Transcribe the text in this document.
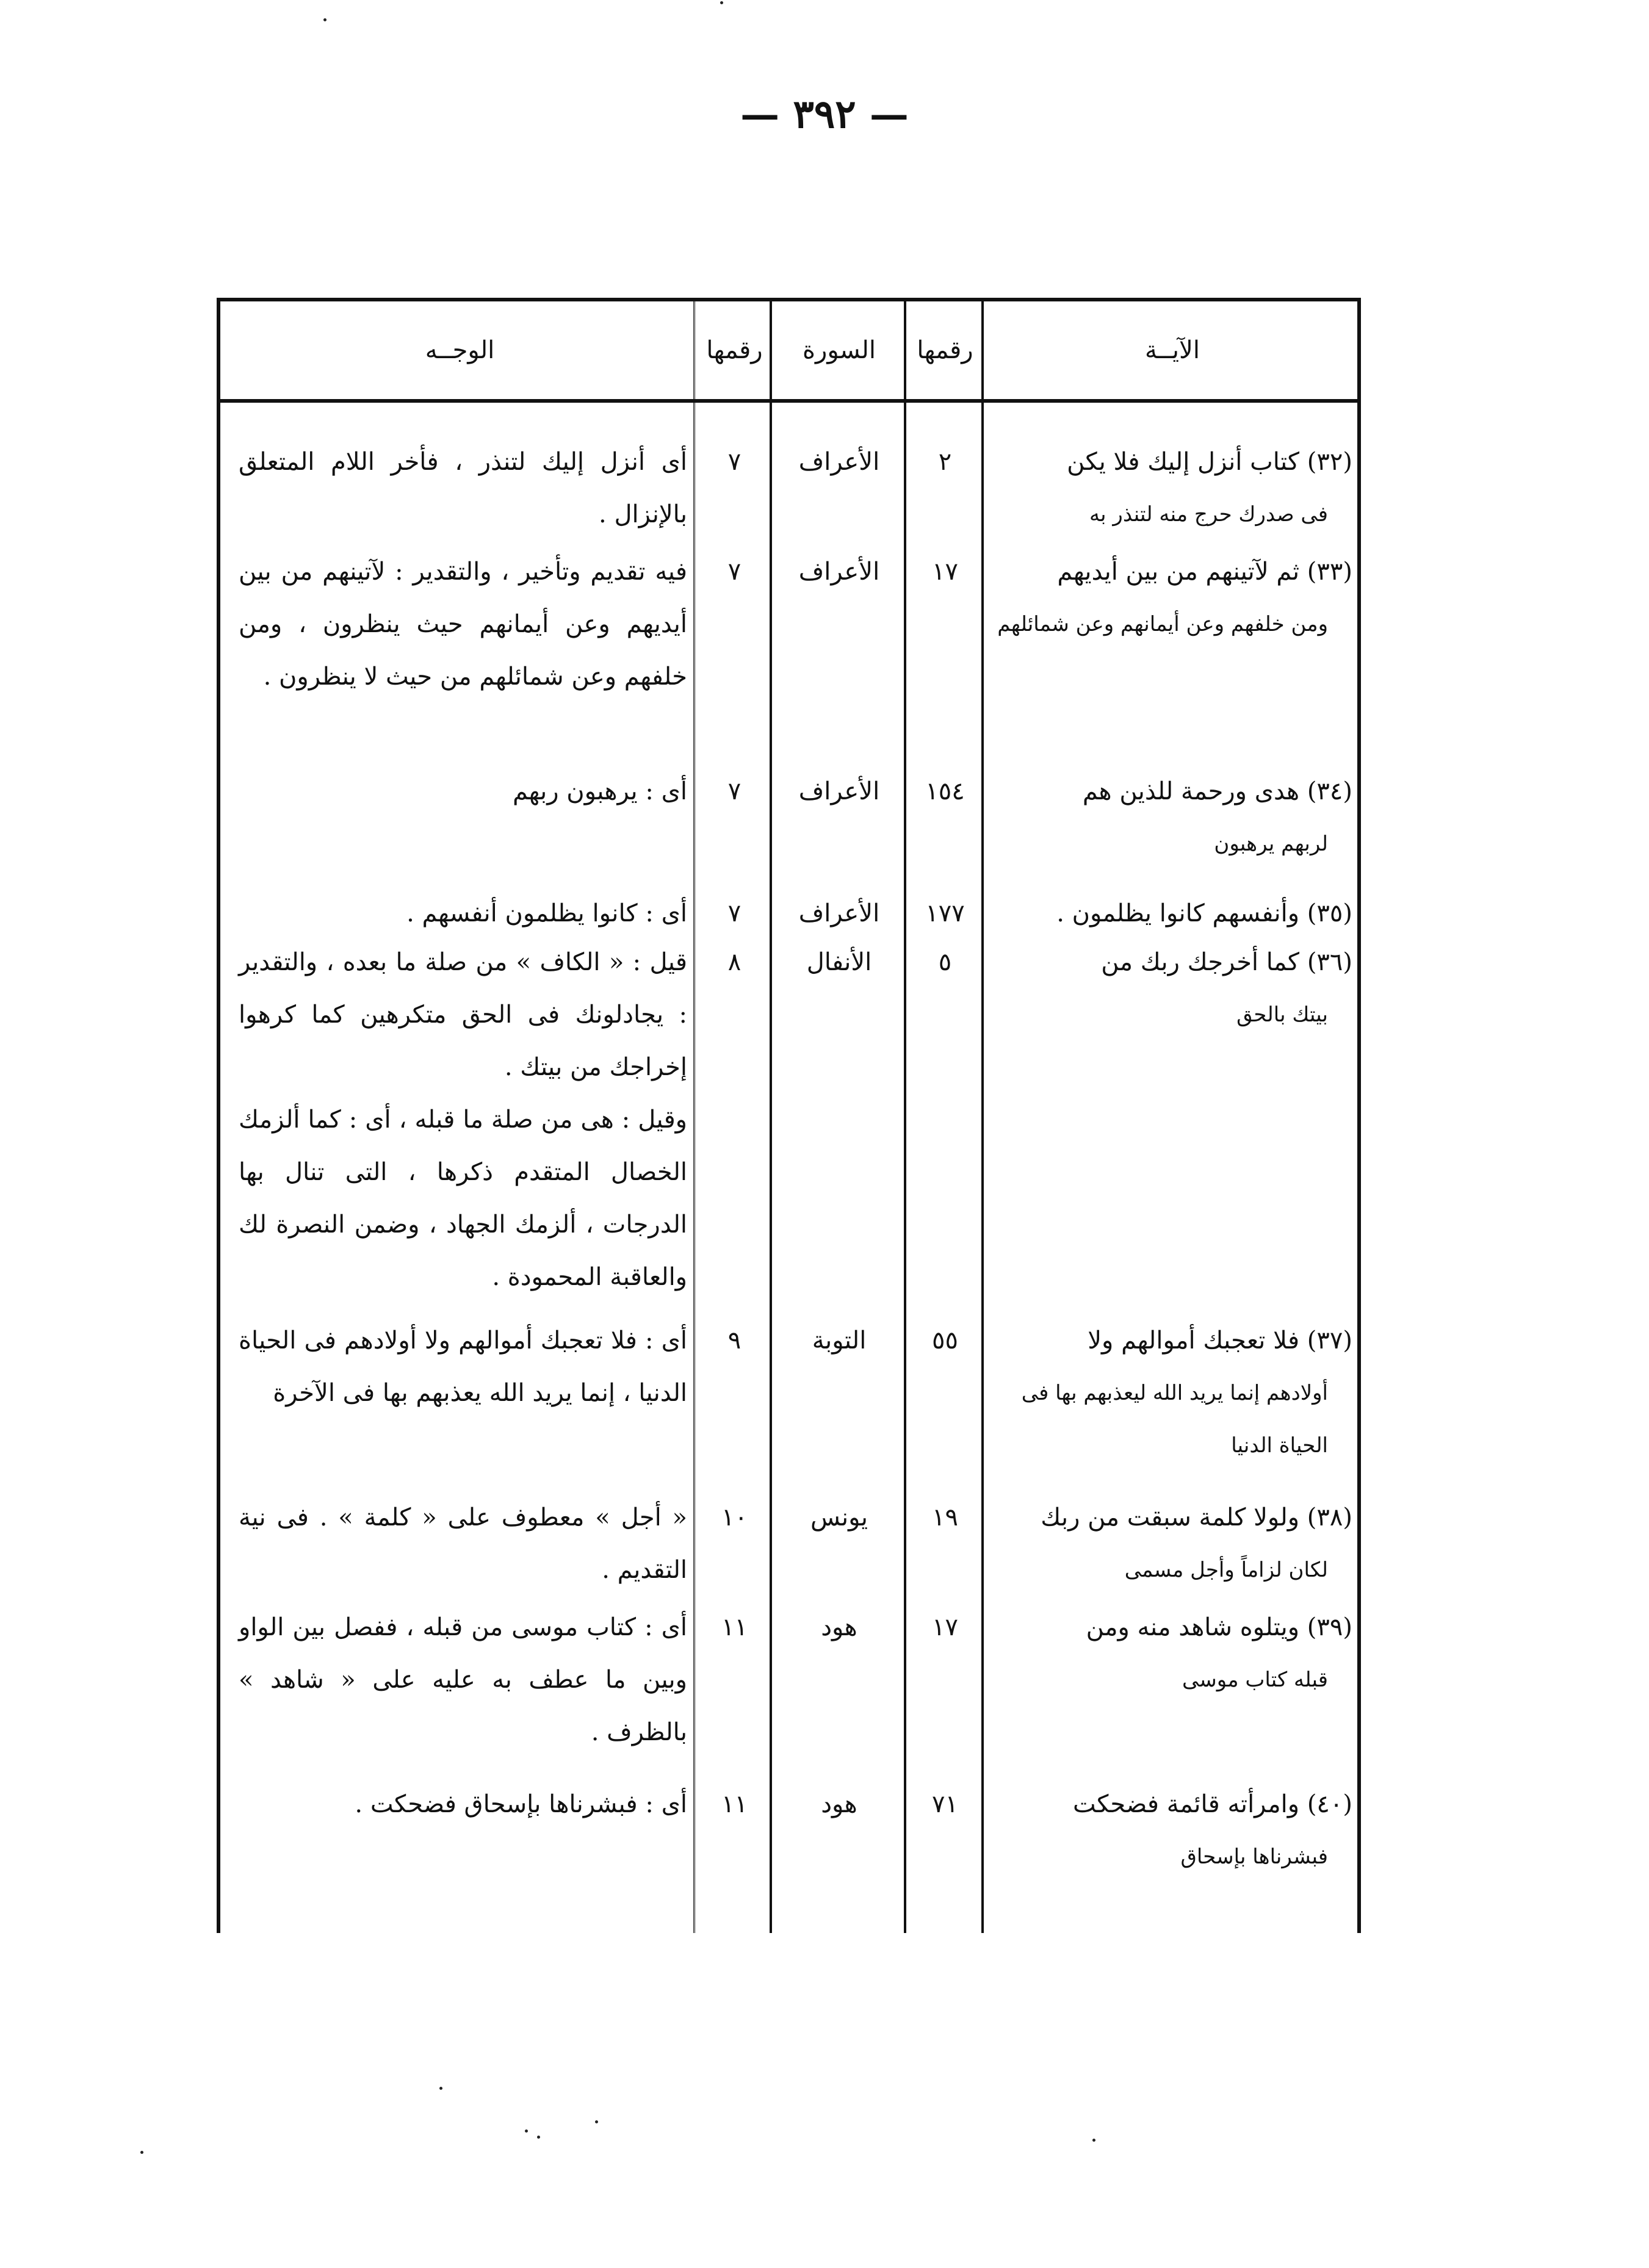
— ٣٩٢ —
الآيــة
رقمها
السورة
رقمها
الوجــه
(٣٢) كتاب أنزل إليك فلا يكن
فى صدرك حرج منه لتنذر به
٢
الأعراف
٧

أى أنزل إليك لتنذر ، فأخر اللام المتعلق بالإنزال .

(٣٣) ثم لآتينهم من بين أيديهم
ومن خلفهم وعن أيمانهم وعن شمائلهم
١٧
الأعراف
٧

فيه تقديم وتأخير ، والتقدير : لآتينهم من بين أيديهم وعن أيمانهم حيث ينظرون ، ومن خلفهم وعن شمائلهم من حيث لا ينظرون .

(٣٤) هدى ورحمة للذين هم
لربهم يرهبون
١٥٤
الأعراف
٧

أى : يرهبون ربهم

(٣٥) وأنفسهم كانوا يظلمون .
١٧٧
الأعراف
٧

أى : كانوا يظلمون أنفسهم .

(٣٦) كما أخرجك ربك من
بيتك بالحق
٥
الأنفال
٨

قيل : « الكاف » من صلة ما بعده ، والتقدير : يجادلونك فى الحق متكرهين كما كرهوا إخراجك من بيتك .

وقيل : هى من صلة ما قبله ، أى : كما ألزمك الخصال المتقدم ذكرها ، التى تنال بها الدرجات ، ألزمك الجهاد ، وضمن النصرة لك والعاقبة المحمودة .

(٣٧) فلا تعجبك أموالهم ولا
أولادهم إنما يريد الله ليعذبهم بها فى الحياة الدنيا
٥٥
التوبة
٩

أى : فلا تعجبك أموالهم ولا أولادهم فى الحياة الدنيا ، إنما يريد الله يعذبهم بها فى الآخرة

(٣٨) ولولا كلمة سبقت من ربك
لكان لزاماً وأجل مسمى
١٩
يونس
١٠

« أجل » معطوف على « كلمة » . فى نية التقديم .

(٣٩) ويتلوه شاهد منه ومن
قبله كتاب موسى
١٧
هود
١١

أى : كتاب موسى من قبله ، ففصل بين الواو وبين ما عطف به عليه على « شاهد » بالظرف .

(٤٠) وامرأته قائمة فضحكت
فبشرناها بإسحاق
٧١
هود
١١

أى : فبشرناها بإسحاق فضحكت .
